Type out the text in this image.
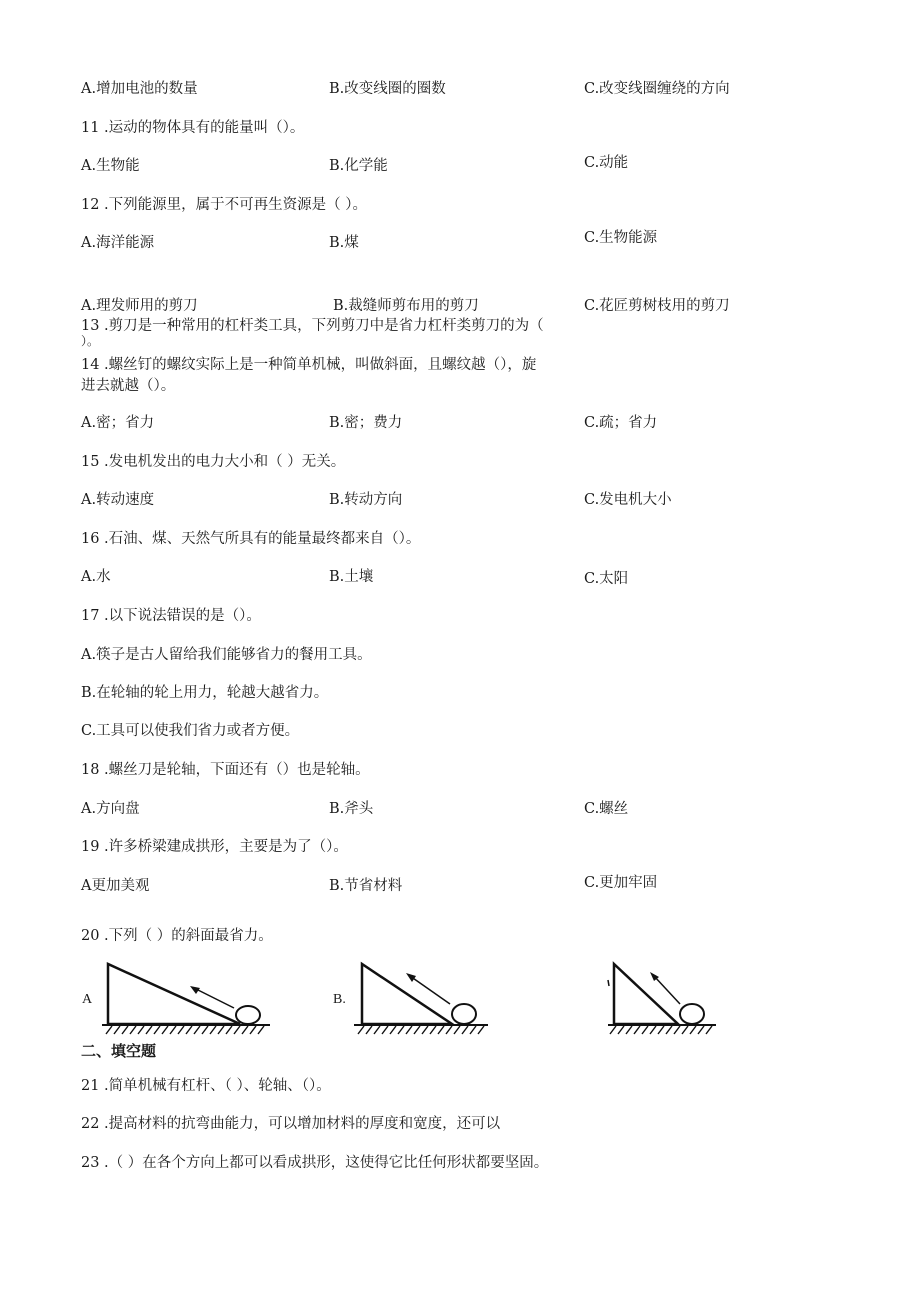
A.增加电池的数量	B.改变线圈的圈数	C.改变线圈缠绕的方向
11 .运动的物体具有的能量叫（）。
A.生物能	B.化学能	C.动能
12 .下列能源里，属于不可再生资源是（ ）。
A.海洋能源	B.煤	C.生物能源
A.理发师用的剪刀	B.裁缝师剪布用的剪刀	C.花匠剪树枝用的剪刀
13 .剪刀是一种常用的杠杆类工具，下列剪刀中是省力杠杆类剪刀的为（
）。
14 .螺丝钉的螺纹实际上是一种简单机械，叫做斜面，且螺纹越（），旋
进去就越（）。
A.密；省力	B.密；费力	C.疏；省力
15 .发电机发出的电力大小和（ ）无关。
A.转动速度	B.转动方向	C.发电机大小
16 .石油、煤、天然气所具有的能量最终都来自（）。
A.水	B.土壤	C.太阳
17 .以下说法错误的是（）。
A.筷子是古人留给我们能够省力的餐用工具。
B.在轮轴的轮上用力，轮越大越省力。
C.工具可以使我们省力或者方便。
18 .螺丝刀是轮轴，下面还有（）也是轮轴。
A.方向盘	B.斧头	C.螺丝
19 .许多桥梁建成拱形，主要是为了（）。
A更加美观	B.节省材料	C.更加牢固
20 .下列（ ）的斜面最省力。
A	B.
二、填空题
21 .简单机械有杠杆、（ ）、轮轴、（）。
22 .提高材料的抗弯曲能力，可以增加材料的厚度和宽度，还可以
23 .（ ）在各个方向上都可以看成拱形，这使得它比任何形状都要坚固。
